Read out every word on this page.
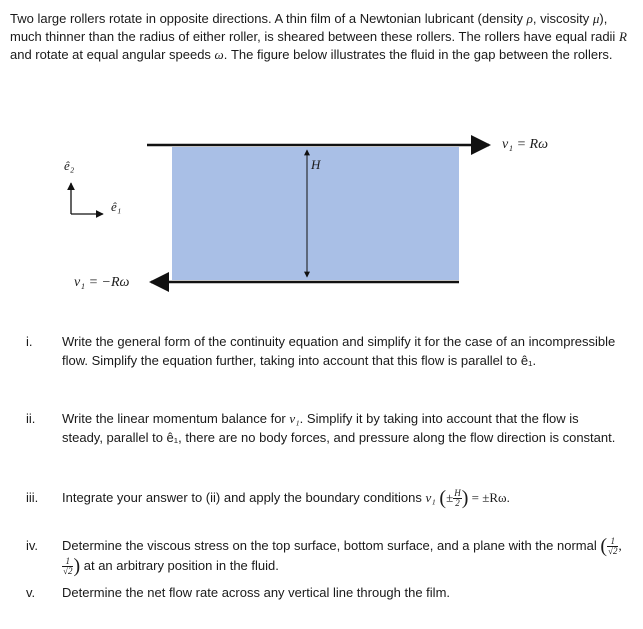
Two large rollers rotate in opposite directions. A thin film of a Newtonian lubricant (density ρ, viscosity μ), much thinner than the radius of either roller, is sheared between these rollers. The rollers have equal radii R and rotate at equal angular speeds ω. The figure below illustrates the fluid in the gap between the rollers.

v₁ = Rω
v₁ = −Rω
H
ê₂
ê₁
i. Write the general form of the continuity equation and simplify it for the case of an incompressible flow. Simplify the equation further, taking into account that this flow is parallel to ê₁.
ii. Write the linear momentum balance for v₁. Simplify it by taking into account that the flow is steady, parallel to ê₁, there are no body forces, and pressure along the flow direction is constant.
iii. Integrate your answer to (ii) and apply the boundary conditions v₁ (± $\frac{H}{2}$ ) = ±Rω.
iv. Determine the viscous stress on the top surface, bottom surface, and a plane with the normal ( $\frac{1}{√2}$ ,
$\frac{1}{√2}$ ) at an arbitrary position in the fluid.
v. Determine the net flow rate across any vertical line through the film.
